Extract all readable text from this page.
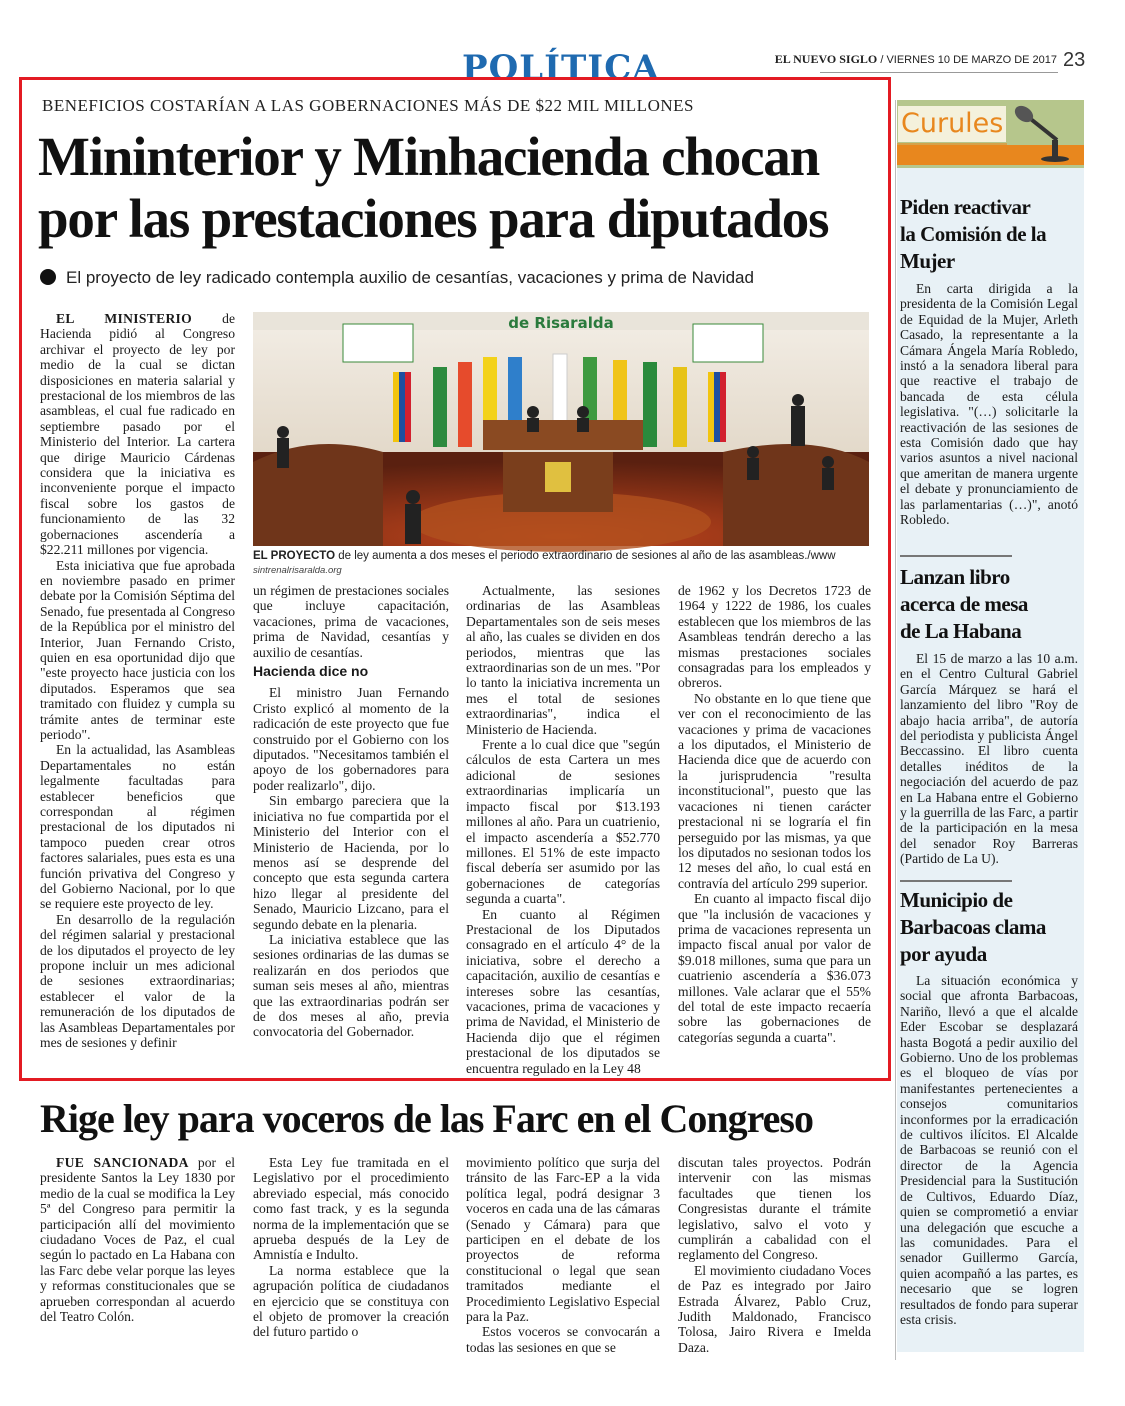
POLÍTICA	EL NUEVO SIGLO / VIERNES 10 DE MARZO DE 2017 23
BENEFICIOS COSTARÍAN A LAS GOBERNACIONES MÁS DE $22 MIL MILLONES
Mininterior y Minhacienda chocan por las prestaciones para diputados
El proyecto de ley radicado contempla auxilio de cesantías, vacaciones y prima de Navidad

EL MINISTERIO de Hacienda pidió al Congreso archivar el proyecto de ley por medio de la cual se dictan disposiciones en materia salarial y prestacional de los miembros de las asambleas, el cual fue radicado en septiembre pasado por el Ministerio del Interior. La cartera que dirige Mauricio Cárdenas considera que la iniciativa es inconveniente porque el impacto fiscal sobre los gastos de funcionamiento de las 32 gobernaciones ascendería a $22.211 millones por vigencia.

Esta iniciativa que fue aprobada en noviembre pasado en primer debate por la Comisión Séptima del Senado, fue presentada al Congreso de la República por el ministro del Interior, Juan Fernando Cristo, quien en esa oportunidad dijo que "este proyecto hace justicia con los diputados. Esperamos que sea tramitado con fluidez y cumpla su trámite antes de terminar este periodo".

En la actualidad, las Asambleas Departamentales no están legalmente facultadas para establecer beneficios que correspondan al régimen prestacional de los diputados ni tampoco pueden crear otros factores salariales, pues esta es una función privativa del Congreso y del Gobierno Nacional, por lo que se requiere este proyecto de ley.

En desarrollo de la regulación del régimen salarial y prestacional de los diputados el proyecto de ley propone incluir un mes adicional de sesiones extraordinarias; establecer el valor de la remuneración de los diputados de las Asambleas Departamentales por mes de sesiones y definir

de Risaralda
EL PROYECTO de ley aumenta a dos meses el periodo extraordinario de sesiones al año de las asambleas./www
sintrenalrisaralda.org

un régimen de prestaciones sociales que incluye capacitación, vacaciones, prima de vacaciones, prima de Navidad, cesantías y auxilio de cesantías.

Hacienda dice no

El ministro Juan Fernando Cristo explicó al momento de la radicación de este proyecto que fue construido por el Gobierno con los diputados. "Necesitamos también el apoyo de los gobernadores para poder realizarlo", dijo.

Sin embargo pareciera que la iniciativa no fue compartida por el Ministerio del Interior con el Ministerio de Hacienda, por lo menos así se desprende del concepto que esta segunda cartera hizo llegar al presidente del Senado, Mauricio Lizcano, para el segundo debate en la plenaria.

La iniciativa establece que las sesiones ordinarias de las dumas se realizarán en dos periodos que suman seis meses al año, mientras que las extraordinarias podrán ser de dos meses al año, previa convocatoria del Gobernador.

Actualmente, las sesiones ordinarias de las Asambleas Departamentales son de seis meses al año, las cuales se dividen en dos periodos, mientras que las extraordinarias son de un mes. "Por lo tanto la iniciativa incrementa un mes el total de sesiones extraordinarias", indica el Ministerio de Hacienda.

Frente a lo cual dice que "según cálculos de esta Cartera un mes adicional de sesiones extraordinarias implicaría un impacto fiscal por $13.193 millones al año. Para un cuatrienio, el impacto ascendería a $52.770 millones. El 51% de este impacto fiscal debería ser asumido por las gobernaciones de categorías segunda a cuarta".

En cuanto al Régimen Prestacional de los Diputados consagrado en el artículo 4° de la iniciativa, sobre el derecho a capacitación, auxilio de cesantías e intereses sobre las cesantías, vacaciones, prima de vacaciones y prima de Navidad, el Ministerio de Hacienda dijo que el régimen prestacional de los diputados se encuentra regulado en la Ley 48

de 1962 y los Decretos 1723 de 1964 y 1222 de 1986, los cuales establecen que los miembros de las Asambleas tendrán derecho a las mismas prestaciones sociales consagradas para los empleados y obreros.

No obstante en lo que tiene que ver con el reconocimiento de las vacaciones y prima de vacaciones a los diputados, el Ministerio de Hacienda dice que de acuerdo con la jurisprudencia "resulta inconstitucional", puesto que las vacaciones ni tienen carácter prestacional ni se lograría el fin perseguido por las mismas, ya que los diputados no sesionan todos los 12 meses del año, lo cual está en contravía del artículo 299 superior.

En cuanto al impacto fiscal dijo que "la inclusión de vacaciones y prima de vacaciones representa un impacto fiscal anual por valor de $9.018 millones, suma que para un cuatrienio ascendería a $36.073 millones. Vale aclarar que el 55% del total de este impacto recaería sobre las gobernaciones de categorías segunda a cuarta".

Curules
Piden reactivar la Comisión de la Mujer

En carta dirigida a la presidenta de la Comisión Legal de Equidad de la Mujer, Arleth Casado, la representante a la Cámara Ángela María Robledo, instó a la senadora liberal para que reactive el trabajo de bancada de esta célula legislativa. "(…) solicitarle la reactivación de las sesiones de esta Comisión dado que hay varios asuntos a nivel nacional que ameritan de manera urgente el debate y pronunciamiento de las parlamentarias (…)", anotó Robledo.

Lanzan libro acerca de mesa de La Habana

El 15 de marzo a las 10 a.m. en el Centro Cultural Gabriel García Márquez se hará el lanzamiento del libro "Roy de abajo hacia arriba", de autoría del periodista y publicista Ángel Beccassino. El libro cuenta detalles inéditos de la negociación del acuerdo de paz en La Habana entre el Gobierno y la guerrilla de las Farc, a partir de la participación en la mesa del senador Roy Barreras (Partido de La U).

Municipio de Barbacoas clama por ayuda

La situación económica y social que afronta Barbacoas, Nariño, llevó a que el alcalde Eder Escobar se desplazará hasta Bogotá a pedir auxilio del Gobierno. Uno de los problemas es el bloqueo de vías por manifestantes pertenecientes a consejos comunitarios inconformes por la erradicación de cultivos ilícitos. El Alcalde de Barbacoas se reunió con el director de la Agencia Presidencial para la Sustitución de Cultivos, Eduardo Díaz, quien se comprometió a enviar una delegación que escuche a las comunidades. Para el senador Guillermo García, quien acompañó a las partes, es necesario que se logren resultados de fondo para superar esta crisis.

Rige ley para voceros de las Farc en el Congreso

FUE SANCIONADA por el presidente Santos la Ley 1830 por medio de la cual se modifica la Ley 5ª del Congreso para permitir la participación allí del movimiento ciudadano Voces de Paz, el cual según lo pactado en La Habana con las Farc debe velar porque las leyes y reformas constitucionales que se aprueben correspondan al acuerdo del Teatro Colón.

Esta Ley fue tramitada en el Legislativo por el procedimiento abreviado especial, más conocido como fast track, y es la segunda norma de la implementación que se aprueba después de la Ley de Amnistía e Indulto.

La norma establece que la agrupación política de ciudadanos en ejercicio que se constituya con el objeto de promover la creación del futuro partido o

movimiento político que surja del tránsito de las Farc-EP a la vida política legal, podrá designar 3 voceros en cada una de las cámaras (Senado y Cámara) para que participen en el debate de los proyectos de reforma constitucional o legal que sean tramitados mediante el Procedimiento Legislativo Especial para la Paz.

Estos voceros se convocarán a todas las sesiones en que se

discutan tales proyectos. Podrán intervenir con las mismas facultades que tienen los Congresistas durante el trámite legislativo, salvo el voto y cumplirán a cabalidad con el reglamento del Congreso.

El movimiento ciudadano Voces de Paz es integrado por Jairo Estrada Álvarez, Pablo Cruz, Judith Maldonado, Francisco Tolosa, Jairo Rivera e Imelda Daza.
